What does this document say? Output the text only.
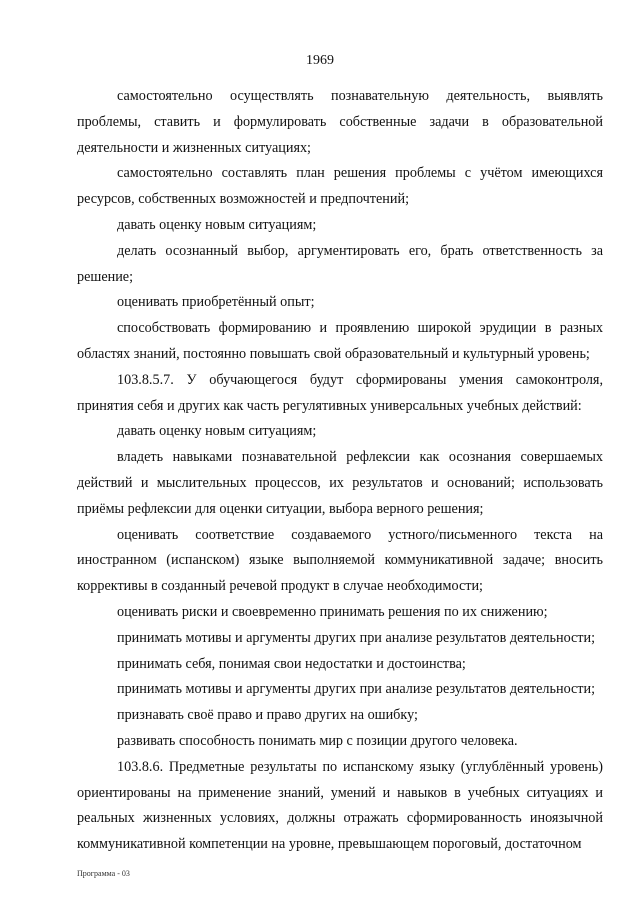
1969

самостоятельно осуществлять познавательную деятельность, выявлять проблемы, ставить и формулировать собственные задачи в образовательной деятельности и жизненных ситуациях;

самостоятельно составлять план решения проблемы с учётом имеющихся ресурсов, собственных возможностей и предпочтений;

давать оценку новым ситуациям;

делать осознанный выбор, аргументировать его, брать ответственность за решение;

оценивать приобретённый опыт;

способствовать формированию и проявлению широкой эрудиции в разных областях знаний, постоянно повышать свой образовательный и культурный уровень;

103.8.5.7. У обучающегося будут сформированы умения самоконтроля, принятия себя и других как часть регулятивных универсальных учебных действий:

давать оценку новым ситуациям;

владеть навыками познавательной рефлексии как осознания совершаемых действий и мыслительных процессов, их результатов и оснований; использовать приёмы рефлексии для оценки ситуации, выбора верного решения;

оценивать соответствие создаваемого устного/письменного текста на иностранном (испанском) языке выполняемой коммуникативной задаче; вносить коррективы в созданный речевой продукт в случае необходимости;

оценивать риски и своевременно принимать решения по их снижению;

принимать мотивы и аргументы других при анализе результатов деятельности;

принимать себя, понимая свои недостатки и достоинства;

принимать мотивы и аргументы других при анализе результатов деятельности;

признавать своё право и право других на ошибку;

развивать способность понимать мир с позиции другого человека.

103.8.6. Предметные результаты по испанскому языку (углублённый уровень) ориентированы на применение знаний, умений и навыков в учебных ситуациях и реальных жизненных условиях, должны отражать сформированность иноязычной коммуникативной компетенции на уровне, превышающем пороговый, достаточном

Программа - 03
